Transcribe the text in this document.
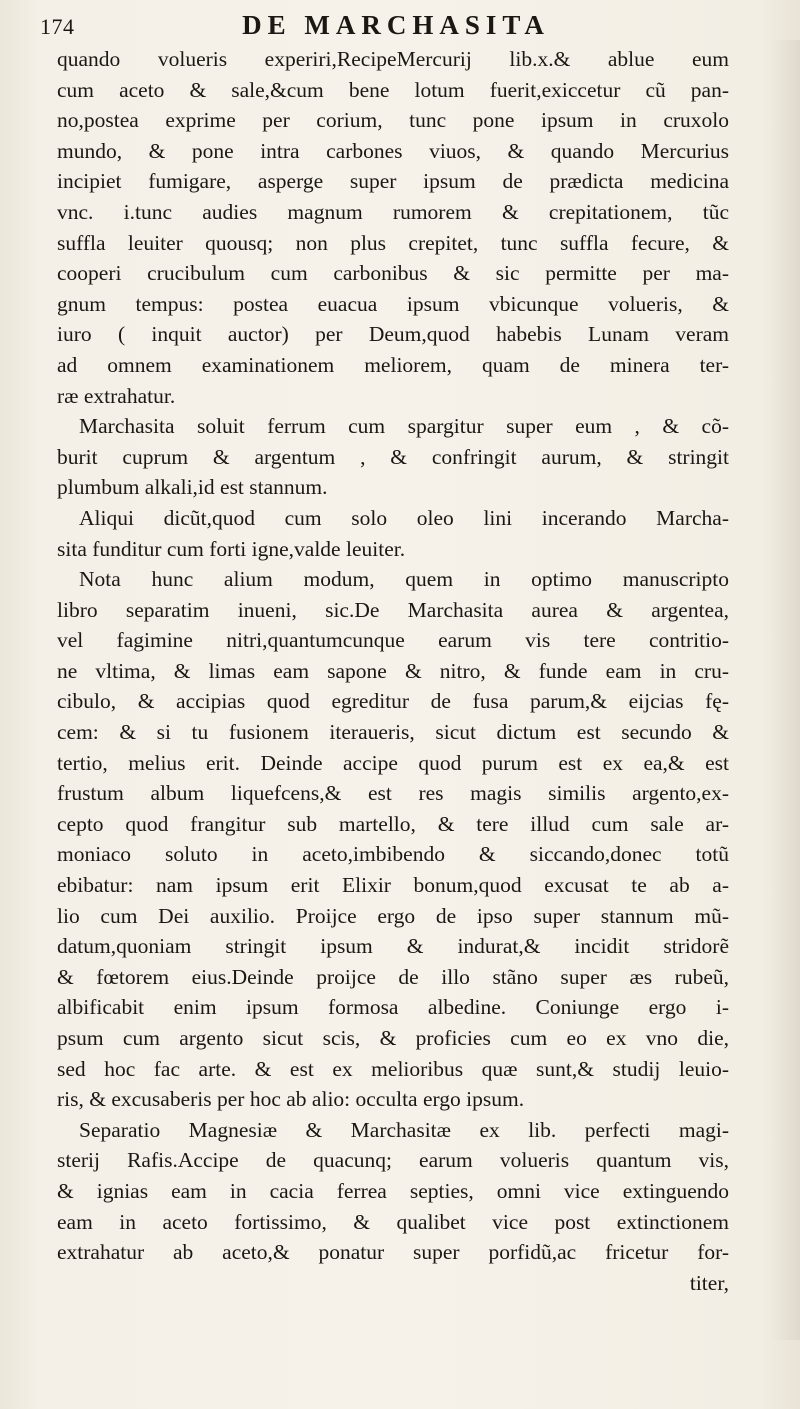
174	DE MARCHASITA
quando volueris experiri,RecipeMercurij lib.x.& ablue eum
cum aceto & sale,&cum bene lotum fuerit,exiccetur cũ pan-
no,postea exprime per corium, tunc pone ipsum in cruxolo
mundo, & pone intra carbones viuos, & quando Mercurius
incipiet fumigare, asperge super ipsum de prædicta medicina
vnc. i.tunc audies magnum rumorem & crepitationem, tũc
suffla leuiter quousq; non plus crepitet, tunc suffla fecure, &
cooperi crucibulum cum carbonibus & sic permitte per ma-
gnum tempus: postea euacua ipsum vbicunque volueris, &
iuro ( inquit auctor) per Deum,quod habebis Lunam veram
ad omnem examinationem meliorem, quam de minera ter-
ræ extrahatur.
Marchasita soluit ferrum cum spargitur super eum , & cõ-
burit cuprum & argentum , & confringit aurum, & stringit
plumbum alkali,id est stannum.
Aliqui dicũt,quod cum solo oleo lini incerando Marcha-
sita funditur cum forti igne,valde leuiter.
Nota hunc alium modum, quem in optimo manuscripto
libro separatim inueni, sic.De Marchasita aurea & argentea,
vel fagimine nitri,quantumcunque earum vis tere contritio-
ne vltima, & limas eam sapone & nitro, & funde eam in cru-
cibulo, & accipias quod egreditur de fusa parum,& eijcias fę-
cem: & si tu fusionem iteraueris, sicut dictum est secundo &
tertio, melius erit. Deinde accipe quod purum est ex ea,& est
frustum album liquefcens,& est res magis similis argento,ex-
cepto quod frangitur sub martello, & tere illud cum sale ar-
moniaco soluto in aceto,imbibendo & siccando,donec totũ
ebibatur: nam ipsum erit Elixir bonum,quod excusat te ab a-
lio cum Dei auxilio. Proijce ergo de ipso super stannum mũ-
datum,quoniam stringit ipsum & indurat,& incidit stridorẽ
& fœtorem eius.Deinde proijce de illo stãno super æs rubeũ,
albificabit enim ipsum formosa albedine. Coniunge ergo i-
psum cum argento sicut scis, & proficies cum eo ex vno die,
sed hoc fac arte. & est ex melioribus quæ sunt,& studij leuio-
ris, & excusaberis per hoc ab alio: occulta ergo ipsum.
Separatio Magnesiæ & Marchasitæ ex lib. perfecti magi-
sterij Rafis.Accipe de quacunq; earum volueris quantum vis,
& ignias eam in cacia ferrea septies, omni vice extinguendo
eam in aceto fortissimo, & qualibet vice post extinctionem
extrahatur ab aceto,& ponatur super porfidũ,ac fricetur for-
titer,
